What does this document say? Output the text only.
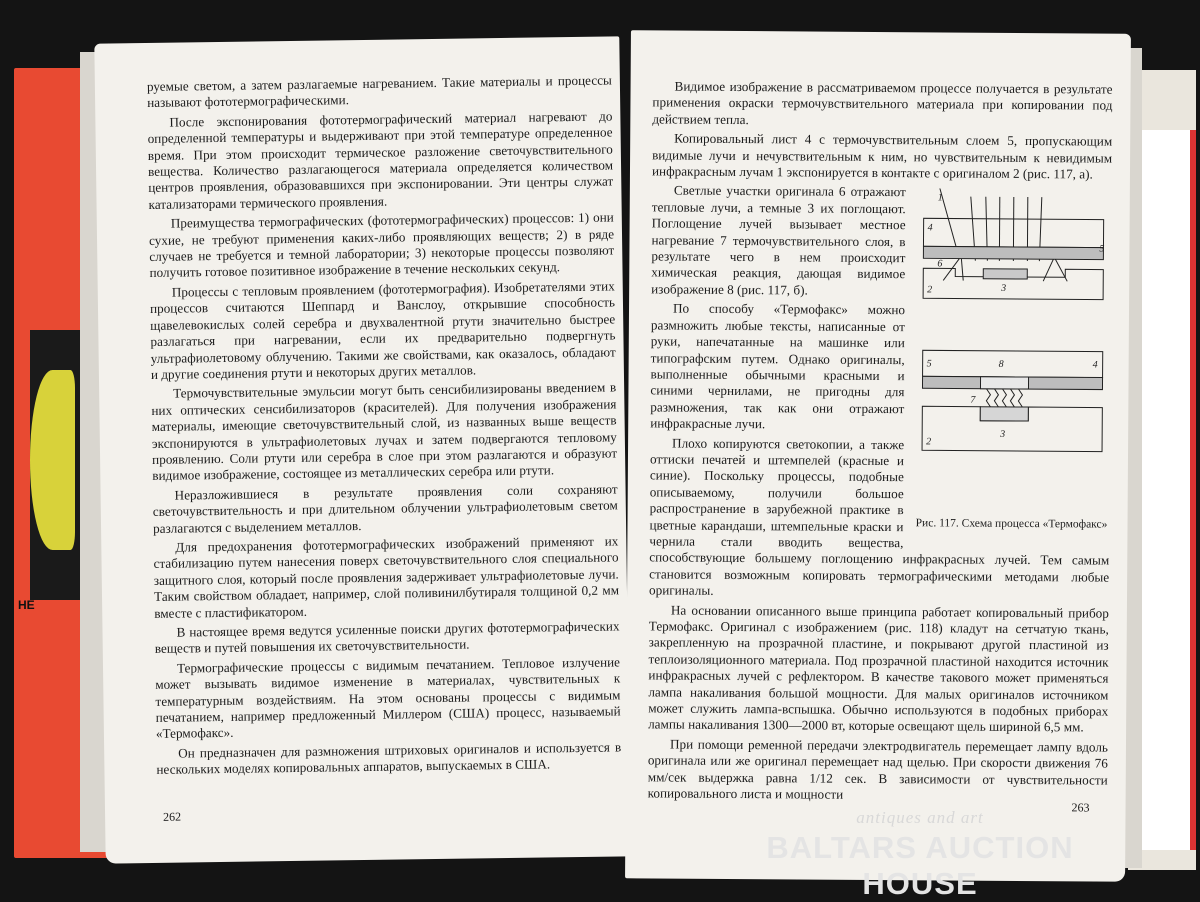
НЕ

руемые светом, а затем разлагаемые нагреванием. Такие материалы и процессы называют фототермографическими.

После экспонирования фототермографический материал нагревают до определенной температуры и выдерживают при этой температуре определенное время. При этом происходит термическое разложение светочувствительного вещества. Количество разлагающегося материала определяется количеством центров проявления, образовавшихся при экспонировании. Эти центры служат катализаторами термического проявления.

Преимущества термографических (фототермографических) процессов: 1) они сухие, не требуют применения каких-либо проявляющих веществ; 2) в ряде случаев не требуется и темной лаборатории; 3) некоторые процессы позволяют получить готовое позитивное изображение в течение нескольких секунд.

Процессы с тепловым проявлением (фототермография). Изобретателями этих процессов считаются Шеппард и Ванслоу, открывшие способность щавелевокислых солей серебра и двухвалентной ртути значительно быстрее разлагаться при нагревании, если их предварительно подвергнуть ультрафиолетовому облучению. Такими же свойствами, как оказалось, обладают и другие соединения ртути и некоторых других металлов.

Термочувствительные эмульсии могут быть сенсибилизированы введением в них оптических сенсибилизаторов (красителей). Для получения изображения материалы, имеющие светочувствительный слой, из названных выше веществ экспонируются в ультрафиолетовых лучах и затем подвергаются тепловому проявлению. Соли ртути или серебра в слое при этом разлагаются и образуют видимое изображение, состоящее из металлических серебра или ртути.

Неразложившиеся в результате проявления соли сохраняют светочувствительность и при длительном облучении ультрафиолетовым светом разлагаются с выделением металлов.

Для предохранения фототермографических изображений применяют их стабилизацию путем нанесения поверх светочувствительного слоя специального защитного слоя, который после проявления задерживает ультрафиолетовые лучи. Таким свойством обладает, например, слой поливинилбутираля толщиной 0,2 мм вместе с пластификатором.

В настоящее время ведутся усиленные поиски других фототермографических веществ и путей повышения их светочувствительности.

Термографические процессы с видимым печатанием. Тепловое излучение может вызывать видимое изменение в материалах, чувствительных к температурным воздействиям. На этом основаны процессы с видимым печатанием, например предложенный Миллером (США) процесс, называемый «Термофакс».

Он предназначен для размножения штриховых оригиналов и используется в нескольких моделях копировальных аппаратов, выпускаемых в США.

262

Видимое изображение в рассматриваемом процессе получается в результате применения окраски термочувствительного материала при копировании под действием тепла.

Копировальный лист 4 с термочувствительным слоем 5, пропускающим видимые лучи и нечувствительным к ним, но чувствительным к невидимым инфракрасным лучам 1 экспонируется в контакте с оригиналом 2 (рис. 117, а).

1
4
5
6
3
2
5	8	4
7
3
2
Рис. 117. Схема процесса «Термофакс»

Светлые участки оригинала 6 отражают тепловые лучи, а темные 3 их поглощают. Поглощение лучей вызывает местное нагревание 7 термочувствительного слоя, в результате чего в нем происходит химическая реакция, дающая видимое изображение 8 (рис. 117, б).

По способу «Термофакс» можно размножить любые тексты, написанные от руки, напечатанные на машинке или типографским путем. Однако оригиналы, выполненные обычными красными и синими чернилами, не пригодны для размножения, так как они отражают инфракрасные лучи.

Плохо копируются светокопии, а также оттиски печатей и штемпелей (красные и синие). Поскольку процессы, подобные описываемому, получили большое распространение в зарубежной практике в цветные карандаши, штемпельные краски и чернила стали вводить вещества, способствующие большему поглощению инфракрасных лучей. Тем самым становится возможным копировать термографическими методами любые оригиналы.

На основании описанного выше принципа работает копировальный прибор Термофакс. Оригинал с изображением (рис. 118) кладут на сетчатую ткань, закрепленную на прозрачной пластине, и покрывают другой пластиной из теплоизоляционного материала. Под прозрачной пластиной находится источник инфракрасных лучей с рефлектором. В качестве такового может применяться лампа накаливания большой мощности. Для малых оригиналов источником может служить лампа-вспышка. Обычно используются в подобных приборах лампы накаливания 1300—2000 вт, которые освещают щель шириной 6,5 мм.

При помощи ременной передачи электродвигатель перемещает лампу вдоль оригинала или же оригинал перемещает над щелью. При скорости движения 76 мм/сек выдержка равна 1/12 сек. В зависимости от чувствительности копировального листа и мощности

263
antiques and art
BALTARS AUCTION HOUSE
